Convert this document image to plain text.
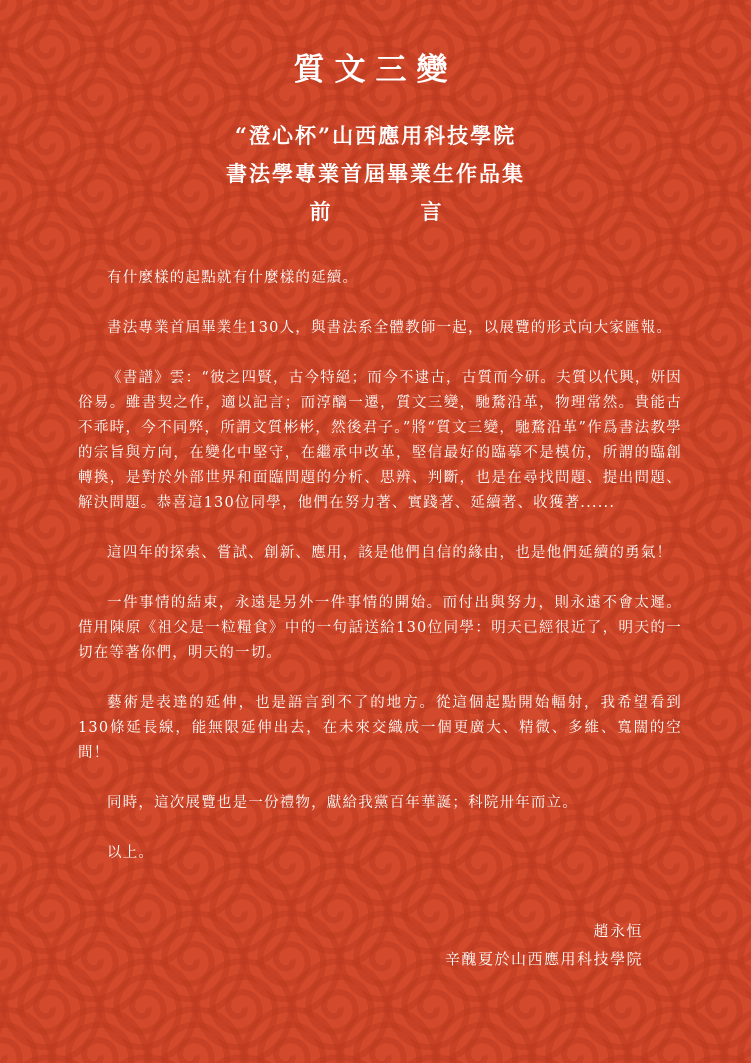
質文三變
“澄心杯”山西應用科技學院
書法學專業首屆畢業生作品集
前	言

有什麼樣的起點就有什麼樣的延續。

書法專業首屆畢業生130人，與書法系全體教師一起，以展覽的形式向大家匯報。

《書譜》雲：“彼之四賢，古今特絕；而今不逮古，古質而今研。夫質以代興，妍因俗易。雖書契之作，適以記言；而淳醨一遷，質文三變，馳騖沿革，物理常然。貴能古不乖時，今不同弊，所謂文質彬彬，然後君子。”將“質文三變，馳騖沿革”作爲書法教學的宗旨與方向，在變化中堅守，在繼承中改革，堅信最好的臨摹不是模仿，所謂的臨創轉換，是對於外部世界和面臨問題的分析、思辨、判斷，也是在尋找問題、提出問題、解決問題。恭喜這130位同學，他們在努力著、實踐著、延續著、收獲著......

這四年的探索、嘗試、創新、應用，該是他們自信的緣由，也是他們延續的勇氣！

一件事情的結束，永遠是另外一件事情的開始。而付出與努力，則永遠不會太遲。借用陳原《祖父是一粒糧食》中的一句話送給130位同學：明天已經很近了，明天的一切在等著你們，明天的一切。

藝術是表達的延伸，也是語言到不了的地方。從這個起點開始輻射，我希望看到130條延長線，能無限延伸出去，在未來交織成一個更廣大、精微、多維、寬闊的空間！

同時，這次展覽也是一份禮物，獻給我黨百年華誕；科院卅年而立。

以上。

趙永恒
辛醜夏於山西應用科技學院
